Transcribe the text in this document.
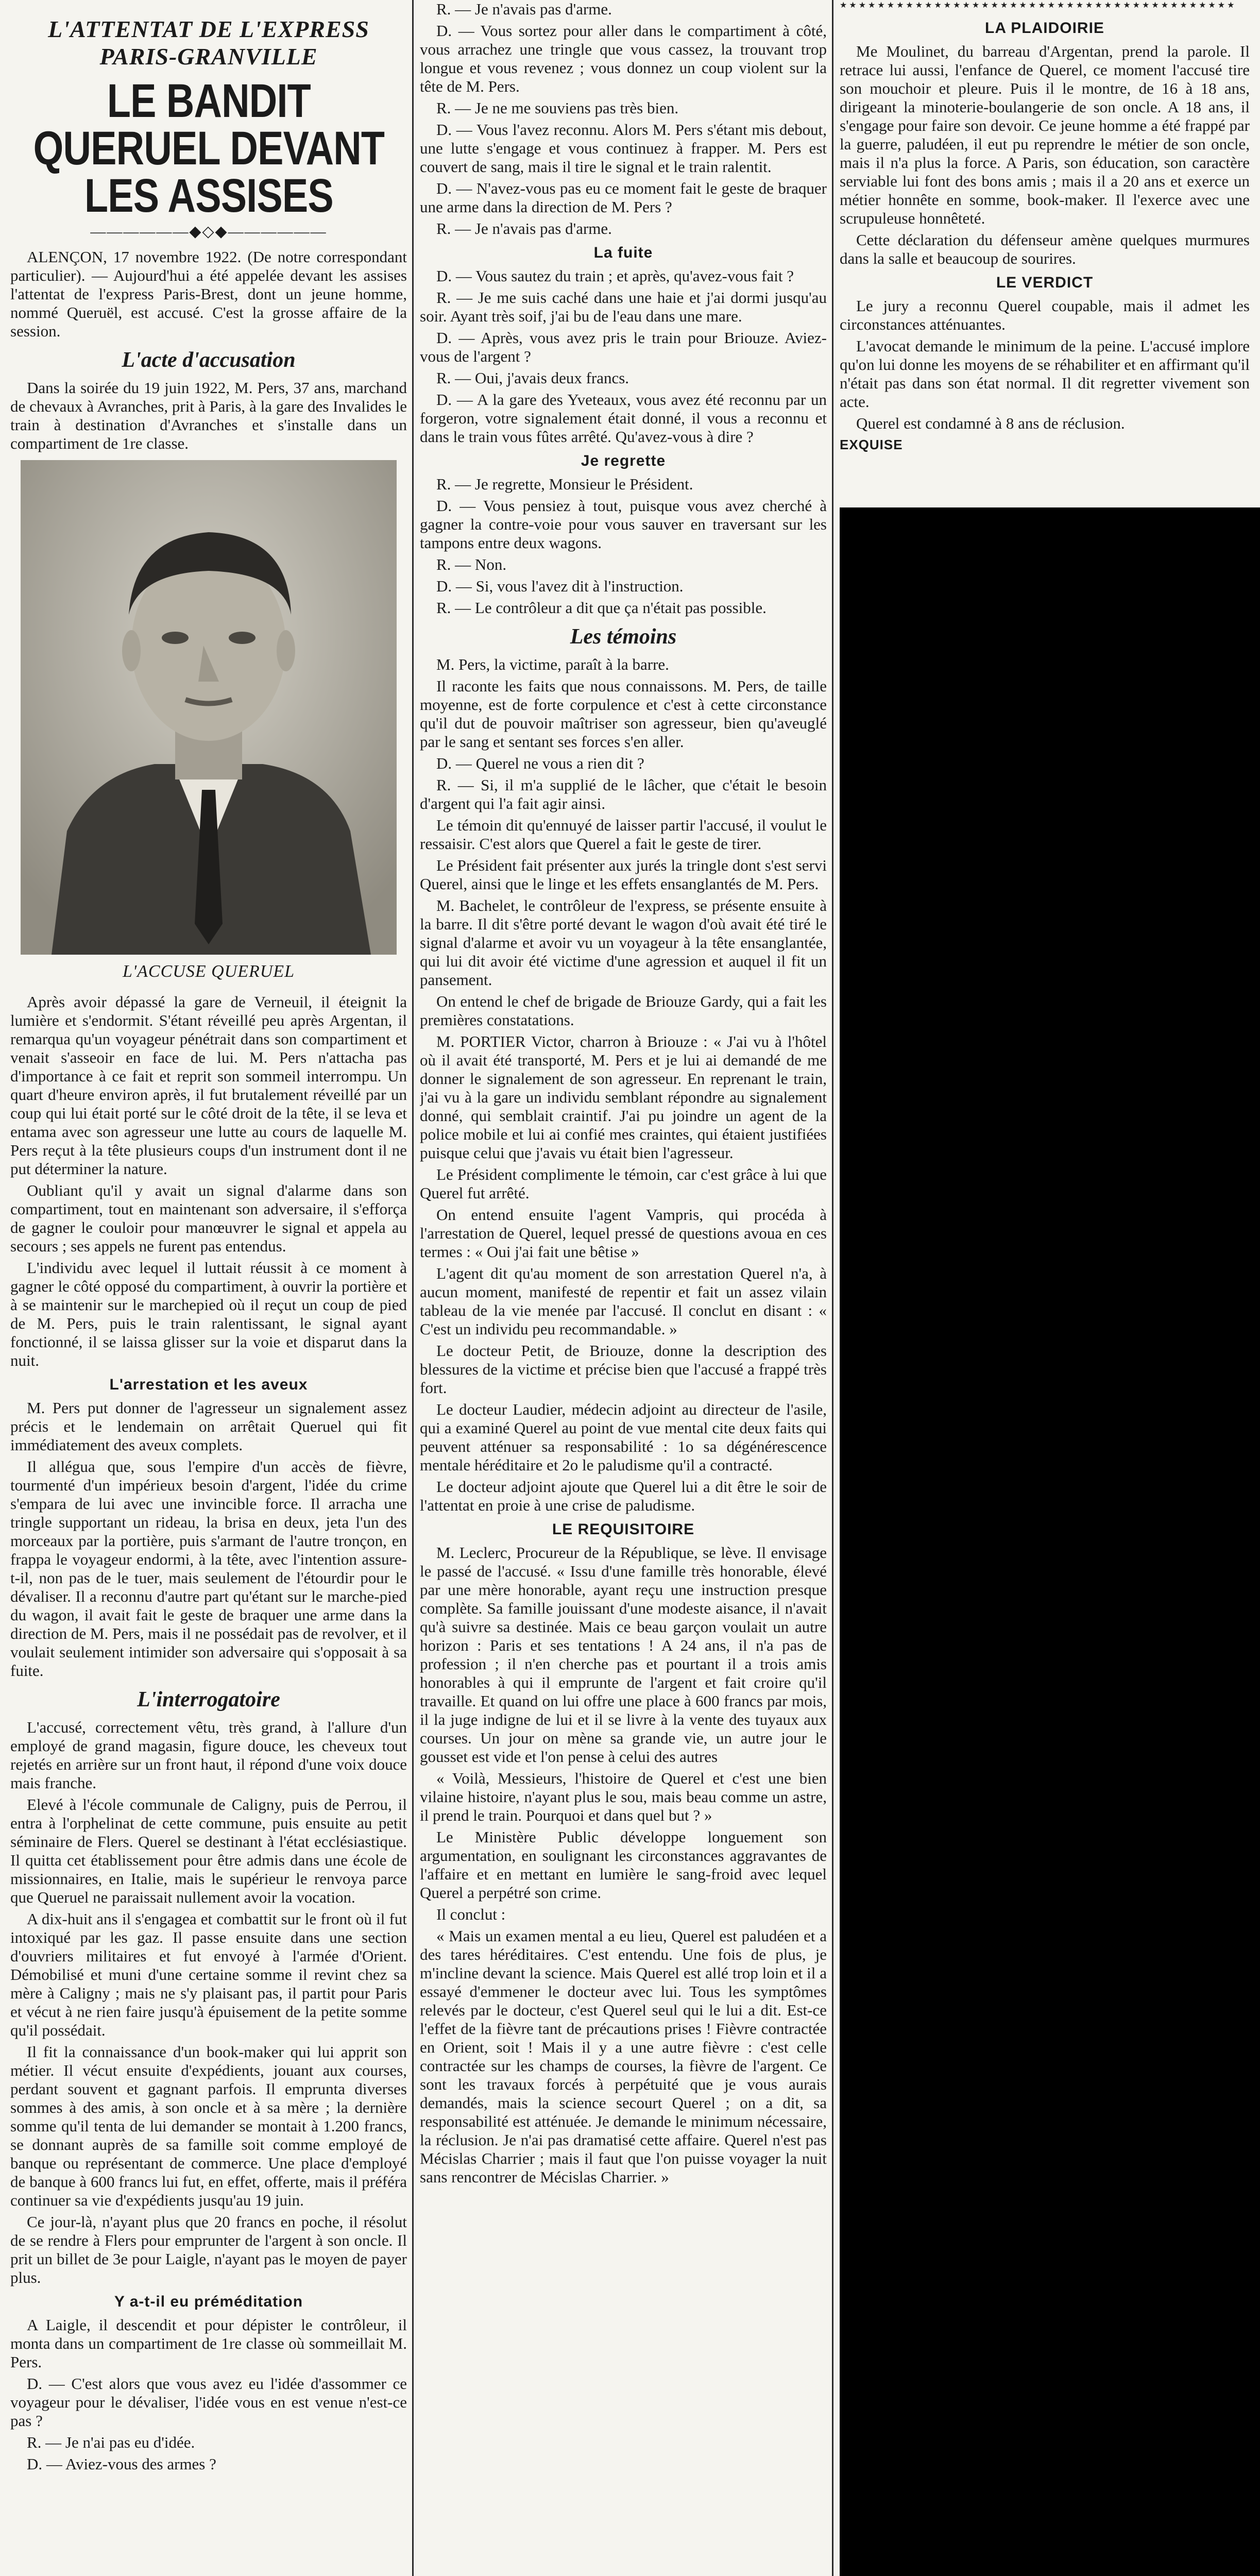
L'ATTENTAT DE L'EXPRESS PARIS-GRANVILLE
LE BANDIT QUERUEL DEVANT LES ASSISES
——————◆◇◆——————

ALENÇON, 17 novembre 1922. (De notre correspondant particulier). — Aujourd'hui a été appelée devant les assises l'attentat de l'express Paris-Brest, dont un jeune homme, nommé Queruël, est accusé. C'est la grosse affaire de la session.

L'acte d'accusation

Dans la soirée du 19 juin 1922, M. Pers, 37 ans, marchand de chevaux à Avranches, prit à Paris, à la gare des Invalides le train à destination d'Avranches et s'installe dans un compartiment de 1re classe.

L'ACCUSE QUERUEL

Après avoir dépassé la gare de Verneuil, il éteignit la lumière et s'endormit. S'étant réveillé peu après Argentan, il remarqua qu'un voyageur pénétrait dans son compartiment et venait s'asseoir en face de lui. M. Pers n'attacha pas d'importance à ce fait et reprit son sommeil interrompu. Un quart d'heure environ après, il fut brutalement réveillé par un coup qui lui était porté sur le côté droit de la tête, il se leva et entama avec son agresseur une lutte au cours de laquelle M. Pers reçut à la tête plusieurs coups d'un instrument dont il ne put déterminer la nature.

Oubliant qu'il y avait un signal d'alarme dans son compartiment, tout en maintenant son adversaire, il s'efforça de gagner le couloir pour manœuvrer le signal et appela au secours ; ses appels ne furent pas entendus.

L'individu avec lequel il luttait réussit à ce moment à gagner le côté opposé du compartiment, à ouvrir la portière et à se maintenir sur le marchepied où il reçut un coup de pied de M. Pers, puis le train ralentissant, le signal ayant fonctionné, il se laissa glisser sur la voie et disparut dans la nuit.

L'arrestation et les aveux

M. Pers put donner de l'agresseur un signalement assez précis et le lendemain on arrêtait Queruel qui fit immédiatement des aveux complets.

Il allégua que, sous l'empire d'un accès de fièvre, tourmenté d'un impérieux besoin d'argent, l'idée du crime s'empara de lui avec une invincible force. Il arracha une tringle supportant un rideau, la brisa en deux, jeta l'un des morceaux par la portière, puis s'armant de l'autre tronçon, en frappa le voyageur endormi, à la tête, avec l'intention assure-t-il, non pas de le tuer, mais seulement de l'étourdir pour le dévaliser. Il a reconnu d'autre part qu'étant sur le marche-pied du wagon, il avait fait le geste de braquer une arme dans la direction de M. Pers, mais il ne possédait pas de revolver, et il voulait seulement intimider son adversaire qui s'opposait à sa fuite.

L'interrogatoire

L'accusé, correctement vêtu, très grand, à l'allure d'un employé de grand magasin, figure douce, les cheveux tout rejetés en arrière sur un front haut, il répond d'une voix douce mais franche.

Elevé à l'école communale de Caligny, puis de Perrou, il entra à l'orphelinat de cette commune, puis ensuite au petit séminaire de Flers. Querel se destinant à l'état ecclésiastique. Il quitta cet établissement pour être admis dans une école de missionnaires, en Italie, mais le supérieur le renvoya parce que Queruel ne paraissait nullement avoir la vocation.

A dix-huit ans il s'engagea et combattit sur le front où il fut intoxiqué par les gaz. Il passe ensuite dans une section d'ouvriers militaires et fut envoyé à l'armée d'Orient. Démobilisé et muni d'une certaine somme il revint chez sa mère à Caligny ; mais ne s'y plaisant pas, il partit pour Paris et vécut à ne rien faire jusqu'à épuisement de la petite somme qu'il possédait.

Il fit la connaissance d'un book-maker qui lui apprit son métier. Il vécut ensuite d'expédients, jouant aux courses, perdant souvent et gagnant parfois. Il emprunta diverses sommes à des amis, à son oncle et à sa mère ; la dernière somme qu'il tenta de lui demander se montait à 1.200 francs, se donnant auprès de sa famille soit comme employé de banque ou représentant de commerce. Une place d'employé de banque à 600 francs lui fut, en effet, offerte, mais il préféra continuer sa vie d'expédients jusqu'au 19 juin.

Ce jour-là, n'ayant plus que 20 francs en poche, il résolut de se rendre à Flers pour emprunter de l'argent à son oncle. Il prit un billet de 3e pour Laigle, n'ayant pas le moyen de payer plus.

Y a-t-il eu préméditation

A Laigle, il descendit et pour dépister le contrôleur, il monta dans un compartiment de 1re classe où sommeillait M. Pers.

D. — C'est alors que vous avez eu l'idée d'assommer ce voyageur pour le dévaliser, l'idée vous en est venue n'est-ce pas ?

R. — Je n'ai pas eu d'idée.

D. — Aviez-vous des armes ?

R. — Je n'avais pas d'arme.

D. — Vous sortez pour aller dans le compartiment à côté, vous arrachez une tringle que vous cassez, la trouvant trop longue et vous revenez ; vous donnez un coup violent sur la tête de M. Pers.

R. — Je ne me souviens pas très bien.

D. — Vous l'avez reconnu. Alors M. Pers s'étant mis debout, une lutte s'engage et vous continuez à frapper. M. Pers est couvert de sang, mais il tire le signal et le train ralentit.

D. — N'avez-vous pas eu ce moment fait le geste de braquer une arme dans la direction de M. Pers ?

R. — Je n'avais pas d'arme.

La fuite

D. — Vous sautez du train ; et après, qu'avez-vous fait ?

R. — Je me suis caché dans une haie et j'ai dormi jusqu'au soir. Ayant très soif, j'ai bu de l'eau dans une mare.

D. — Après, vous avez pris le train pour Briouze. Aviez-vous de l'argent ?

R. — Oui, j'avais deux francs.

D. — A la gare des Yveteaux, vous avez été reconnu par un forgeron, votre signalement était donné, il vous a reconnu et dans le train vous fûtes arrêté. Qu'avez-vous à dire ?

Je regrette

R. — Je regrette, Monsieur le Président.

D. — Vous pensiez à tout, puisque vous avez cherché à gagner la contre-voie pour vous sauver en traversant sur les tampons entre deux wagons.

R. — Non.

D. — Si, vous l'avez dit à l'instruction.

R. — Le contrôleur a dit que ça n'était pas possible.

Les témoins

M. Pers, la victime, paraît à la barre.

Il raconte les faits que nous connaissons. M. Pers, de taille moyenne, est de forte corpulence et c'est à cette circonstance qu'il dut de pouvoir maîtriser son agresseur, bien qu'aveuglé par le sang et sentant ses forces s'en aller.

D. — Querel ne vous a rien dit ?

R. — Si, il m'a supplié de le lâcher, que c'était le besoin d'argent qui l'a fait agir ainsi.

Le témoin dit qu'ennuyé de laisser partir l'accusé, il voulut le ressaisir. C'est alors que Querel a fait le geste de tirer.

Le Président fait présenter aux jurés la tringle dont s'est servi Querel, ainsi que le linge et les effets ensanglantés de M. Pers.

M. Bachelet, le contrôleur de l'express, se présente ensuite à la barre. Il dit s'être porté devant le wagon d'où avait été tiré le signal d'alarme et avoir vu un voyageur à la tête ensanglantée, qui lui dit avoir été victime d'une agression et auquel il fit un pansement.

On entend le chef de brigade de Briouze Gardy, qui a fait les premières constatations.

M. PORTIER Victor, charron à Briouze : « J'ai vu à l'hôtel où il avait été transporté, M. Pers et je lui ai demandé de me donner le signalement de son agresseur. En reprenant le train, j'ai vu à la gare un individu semblant répondre au signalement donné, qui semblait craintif. J'ai pu joindre un agent de la police mobile et lui ai confié mes craintes, qui étaient justifiées puisque celui que j'avais vu était bien l'agresseur.

Le Président complimente le témoin, car c'est grâce à lui que Querel fut arrêté.

On entend ensuite l'agent Vampris, qui procéda à l'arrestation de Querel, lequel pressé de questions avoua en ces termes : « Oui j'ai fait une bêtise »

L'agent dit qu'au moment de son arrestation Querel n'a, à aucun moment, manifesté de repentir et fait un assez vilain tableau de la vie menée par l'accusé. Il conclut en disant : « C'est un individu peu recommandable. »

Le docteur Petit, de Briouze, donne la description des blessures de la victime et précise bien que l'accusé a frappé très fort.

Le docteur Laudier, médecin adjoint au directeur de l'asile, qui a examiné Querel au point de vue mental cite deux faits qui peuvent atténuer sa responsabilité : 1o sa dégénérescence mentale héréditaire et 2o le paludisme qu'il a contracté.

Le docteur adjoint ajoute que Querel lui a dit être le soir de l'attentat en proie à une crise de paludisme.

LE REQUISITOIRE

M. Leclerc, Procureur de la République, se lève. Il envisage le passé de l'accusé. « Issu d'une famille très honorable, élevé par une mère honorable, ayant reçu une instruction presque complète. Sa famille jouissant d'une modeste aisance, il n'avait qu'à suivre sa destinée. Mais ce beau garçon voulait un autre horizon : Paris et ses tentations ! A 24 ans, il n'a pas de profession ; il n'en cherche pas et pourtant il a trois amis honorables à qui il emprunte de l'argent et fait croire qu'il travaille. Et quand on lui offre une place à 600 francs par mois, il la juge indigne de lui et il se livre à la vente des tuyaux aux courses. Un jour on mène sa grande vie, un autre jour le gousset est vide et l'on pense à celui des autres

« Voilà, Messieurs, l'histoire de Querel et c'est une bien vilaine histoire, n'ayant plus le sou, mais beau comme un astre, il prend le train. Pourquoi et dans quel but ? »

Le Ministère Public développe longuement son argumentation, en soulignant les circonstances aggravantes de l'affaire et en mettant en lumière le sang-froid avec lequel Querel a perpétré son crime.

Il conclut :

« Mais un examen mental a eu lieu, Querel est paludéen et a des tares héréditaires. C'est entendu. Une fois de plus, je m'incline devant la science. Mais Querel est allé trop loin et il a essayé d'emmener le docteur avec lui. Tous les symptômes relevés par le docteur, c'est Querel seul qui le lui a dit. Est-ce l'effet de la fièvre tant de précautions prises ! Fièvre contractée en Orient, soit ! Mais il y a une autre fièvre : c'est celle contractée sur les champs de courses, la fièvre de l'argent. Ce sont les travaux forcés à perpétuité que je vous aurais demandés, mais la science secourt Querel ; on a dit, sa responsabilité est atténuée. Je demande le minimum nécessaire, la réclusion. Je n'ai pas dramatisé cette affaire. Querel n'est pas Mécislas Charrier ; mais il faut que l'on puisse voyager la nuit sans rencontrer de Mécislas Charrier. »

★★★★★★★★★★★★★★★★★★★★★★★★★★★★★★★★★★★★★★★★★★
LA PLAIDOIRIE

Me Moulinet, du barreau d'Argentan, prend la parole. Il retrace lui aussi, l'enfance de Querel, ce moment l'accusé tire son mouchoir et pleure. Puis il le montre, de 16 à 18 ans, dirigeant la minoterie-boulangerie de son oncle. A 18 ans, il s'engage pour faire son devoir. Ce jeune homme a été frappé par la guerre, paludéen, il eut pu reprendre le métier de son oncle, mais il n'a plus la force. A Paris, son éducation, son caractère serviable lui font des bons amis ; mais il a 20 ans et exerce un métier honnête en somme, book-maker. Il l'exerce avec une scrupuleuse honnêteté.

Cette déclaration du défenseur amène quelques murmures dans la salle et beaucoup de sourires.

LE VERDICT

Le jury a reconnu Querel coupable, mais il admet les circonstances atténuantes.

L'avocat demande le minimum de la peine. L'accusé implore qu'on lui donne les moyens de se réhabiliter et en affirmant qu'il n'était pas dans son état normal. Il dit regretter vivement son acte.

Querel est condamné à 8 ans de réclusion.

EXQUISE
